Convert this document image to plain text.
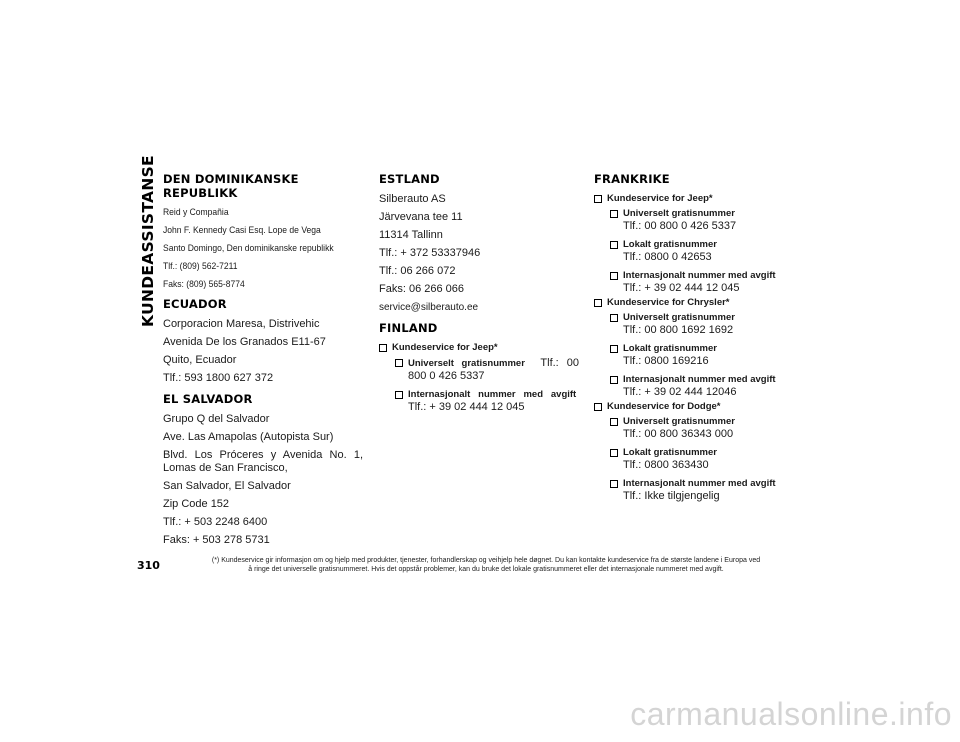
KUNDEASSISTANSE DEN DOMINIKANSKE REPUBLIKK

Reid y Compañia

John F. Kennedy Casi Esq. Lope de Vega

Santo Domingo, Den dominikanske republikk

Tlf.: (809) 562-7211

Faks: (809) 565-8774

ECUADOR

Corporacion Maresa, Distrivehic

Avenida De los Granados E11-67

Quito, Ecuador

Tlf.: 593 1800 627 372

EL SALVADOR

Grupo Q del Salvador

Ave. Las Amapolas (Autopista Sur)

Blvd. Los Próceres y Avenida No. 1, Lomas de San Francisco,

San Salvador, El Salvador

Zip Code 152

Tlf.: + 503 2248 6400

Faks: + 503 278 5731

ESTLAND

Silberauto AS

Järvevana tee 11

11314 Tallinn

Tlf.: + 372 53337946

Tlf.: 06 266 072

Faks: 06 266 066

service@silberauto.ee

FINLAND
Kundeservice for Jeep*
Universelt gratisnummer Tlf.: 00 800 0 426 5337
Internasjonalt nummer med avgift  Tlf.: + 39 02 444 12 045
FRANKRIKE
Kundeservice for Jeep*
Universelt gratisnummer
Tlf.: 00 800 0 426 5337
Lokalt gratisnummer
Tlf.: 0800 0 42653
Internasjonalt nummer med avgift
Tlf.: + 39 02 444 12 045
Kundeservice for Chrysler*
Universelt gratisnummer
Tlf.: 00 800 1692 1692
Lokalt gratisnummer
Tlf.: 0800 169216
Internasjonalt nummer med avgift
Tlf.: + 39 02 444 12046
Kundeservice for Dodge*
Universelt gratisnummer
Tlf.: 00 800 36343 000
Lokalt gratisnummer
Tlf.: 0800 363430
Internasjonalt nummer med avgift
Tlf.: Ikke tilgjengelig
310	(*) Kundeservice gir informasjon om og hjelp med produkter, tjenester, forhandlerskap og veihjelp hele døgnet. Du kan kontakte kundeservice fra de største landene i Europa ved
å ringe det universelle gratisnummeret. Hvis det oppstår problemer, kan du bruke det lokale gratisnummeret eller det internasjonale nummeret med avgift.
carmanualsonline.info
